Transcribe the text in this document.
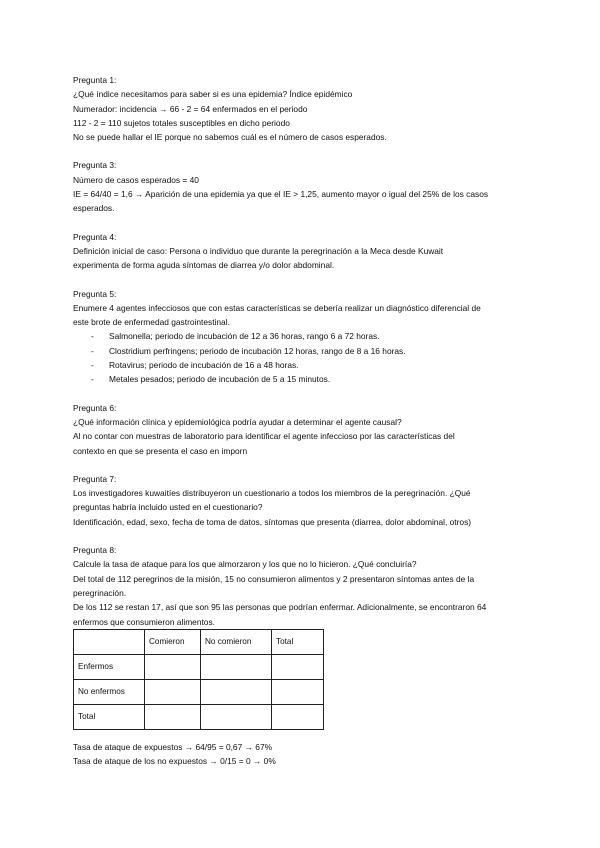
Pregunta 1:

¿Qué índice necesitamos para saber si es una epidemia? Índice epidémico

Numerador: incidencia → 66 - 2 = 64 enfermados en el periodo

112 - 2 = 110 sujetos totales susceptibles en dicho periodo

No se puede hallar el IE porque no sabemos cuál es el número de casos esperados.

Pregunta 3:

Número de casos esperados = 40

IE = 64/40 = 1,6 → Aparición de una epidemia ya que el IE > 1,25, aumento mayor o igual del 25% de los casos

esperados.

Pregunta 4:

Definición inicial de caso: Persona o individuo que durante la peregrinación a la Meca desde Kuwait

experimenta de forma aguda síntomas de diarrea y/o dolor abdominal.

Pregunta 5:

Enumere 4 agentes infecciosos que con estas características se debería realizar un diagnóstico diferencial de

este brote de enfermedad gastrointestinal.

- Salmonella; periodo de incubación de 12 a 36 horas, rango 6 a 72 horas.
- Clostridium perfringens; periodo de incubación 12 horas, rango de 8 a 16 horas.
- Rotavirus; periodo de incubación de 16 a 48 horas.
- Metales pesados; periodo de incubación de 5 a 15 minutos.

Pregunta 6:

¿Qué información clínica y epidemiológica podría ayudar a determinar el agente causal?

Al no contar con muestras de laboratorio para identificar el agente infeccioso por las características del

contexto en que se presenta el caso en imporn

Pregunta 7:

Los investigadores kuwaitíes distribuyeron un cuestionario a todos los miembros de la peregrinación. ¿Qué

preguntas habría incluido usted en el cuestionario?

Identificación, edad, sexo, fecha de toma de datos, síntomas que presenta (diarrea, dolor abdominal, otros)

Pregunta 8:

Calcule la tasa de ataque para los que almorzaron y los que no lo hicieron. ¿Qué concluiría?

Del total de 112 peregrinos de la misión, 15 no consumieron alimentos y 2 presentaron síntomas antes de la

peregrinación.

De los 112 se restan 17, así que son 95 las personas que podrían enfermar. Adicionalmente, se encontraron 64

enfermos que consumieron alimentos.

	Comieron	No comieron	Total
Enfermos			
No enfermos			
Total			

Tasa de ataque de expuestos → 64/95 = 0,67 → 67%

Tasa de ataque de los no expuestos → 0/15 = 0 → 0%
